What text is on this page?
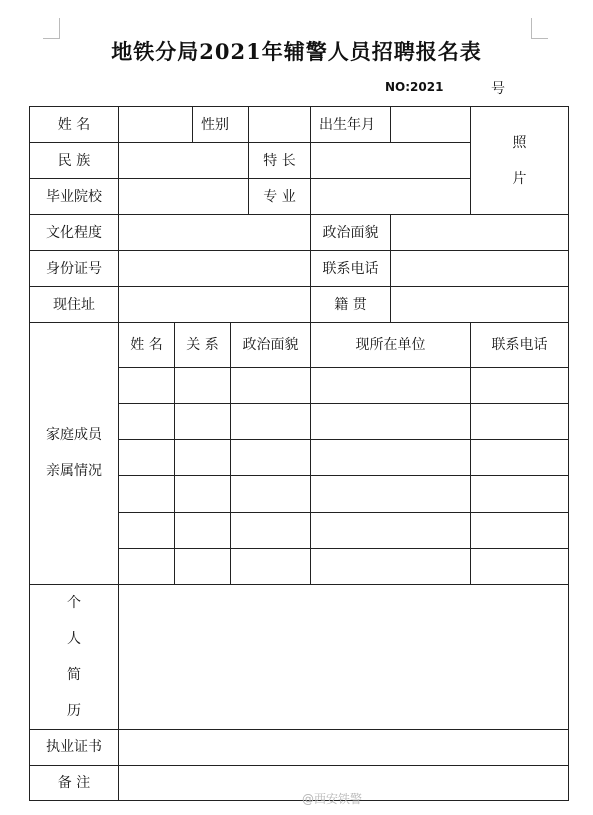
地铁分局2021年辅警人员招聘报名表
NO:2021	号
姓 名			性别			出生年月		照
片

民 族					特 长			
毕业院校					专 业			
文化程度						政治面貌		
身份证号						联系电话		
现住址						籍 贯		

家庭成员
亲属情况	姓 名	关 系		政治面貌		现所在单位		联系电话

个
人
简
历								

执业证书								
备 注								
@西安铁警
